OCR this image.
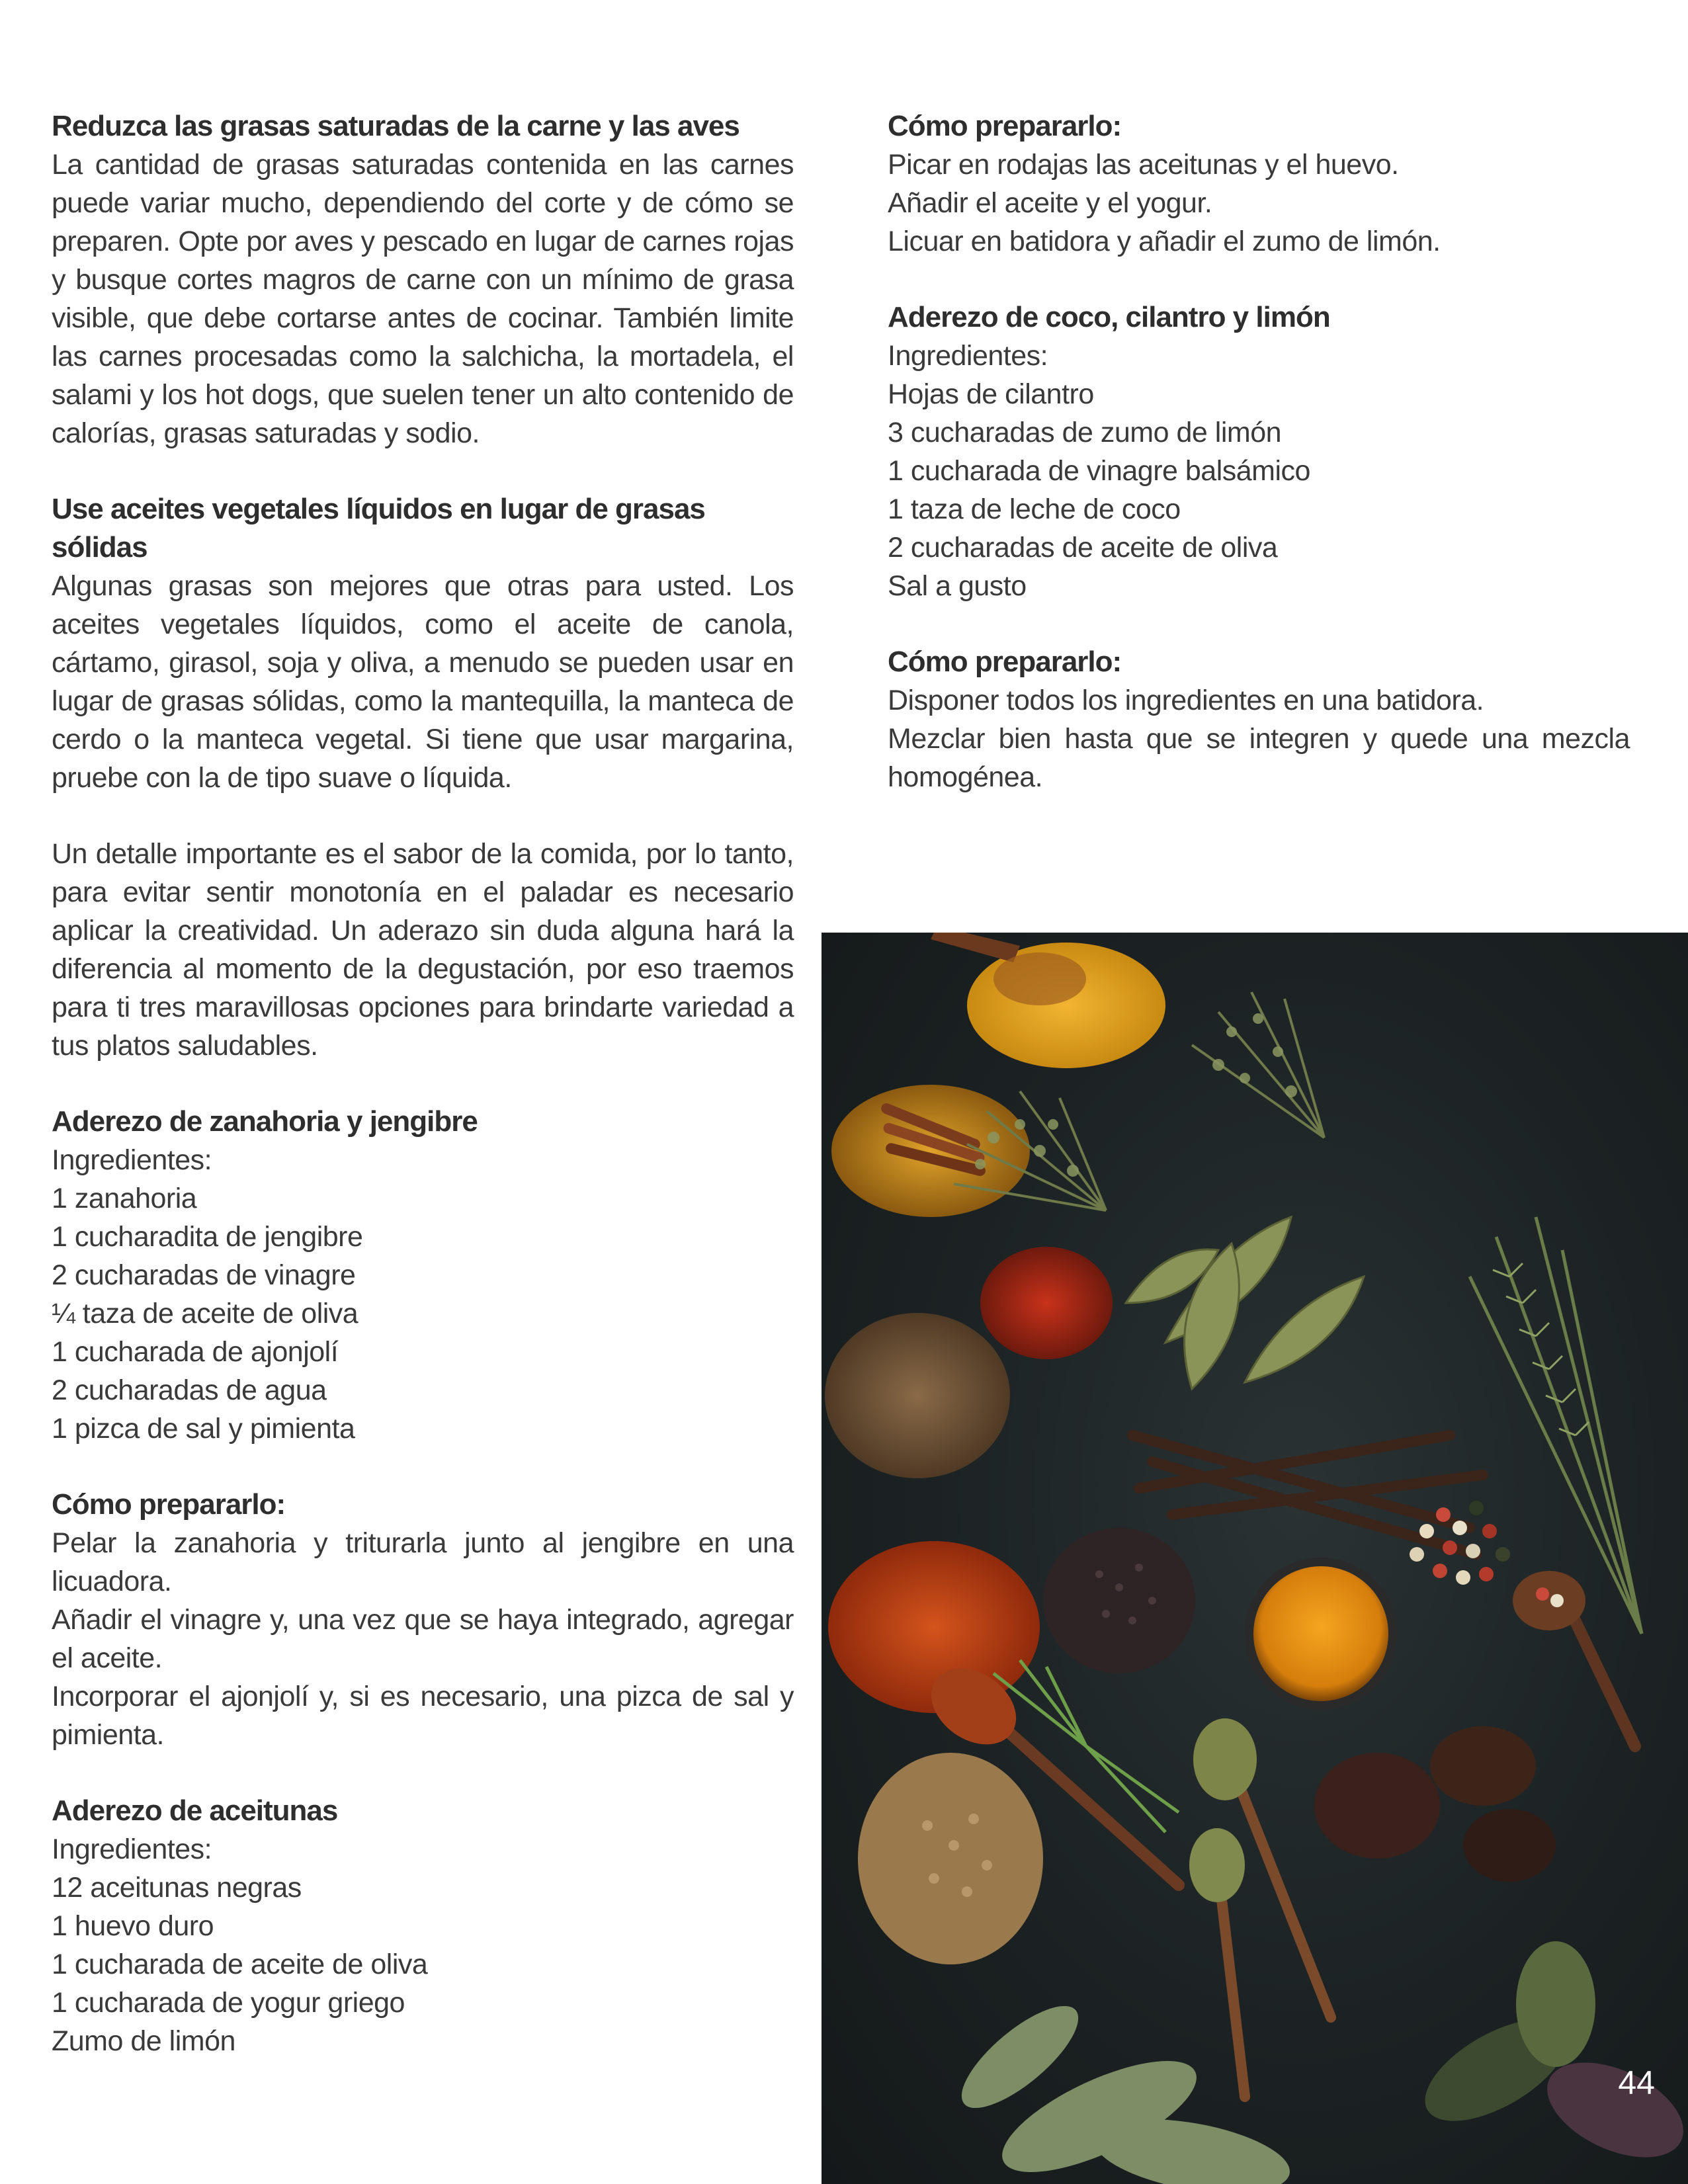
Reduzca las grasas saturadas de la carne y las aves

La cantidad de grasas saturadas contenida en las carnes puede variar mucho, dependiendo del corte y de cómo se preparen. Opte por aves y pescado en lugar de carnes rojas y busque cortes magros de carne con un mínimo de grasa visible, que debe cortarse antes de cocinar. También limite las carnes procesadas como la salchicha, la mortadela, el salami y los hot dogs, que suelen tener un alto contenido de calorías, grasas saturadas y sodio.

Use aceites vegetales líquidos en lugar de grasas sólidas

Algunas grasas son mejores que otras para usted. Los aceites vegetales líquidos, como el aceite de canola, cártamo, girasol, soja y oliva, a menudo se pueden usar en lugar de grasas sólidas, como la mantequilla, la manteca de cerdo o la manteca vegetal. Si tiene que usar margarina, pruebe con la de tipo suave o líquida.

Un detalle importante es el sabor de la comida, por lo tanto, para evitar sentir monotonía en el paladar es necesario aplicar la creatividad. Un aderazo sin duda alguna hará la diferencia al momento de la degustación, por eso traemos para ti tres maravillosas opciones para brindarte variedad a tus platos saludables.

Aderezo de zanahoria y jengibre

Ingredientes:

1 zanahoria

1 cucharadita de jengibre

2 cucharadas de vinagre

¼ taza de aceite de oliva

1 cucharada de ajonjolí

2 cucharadas de agua

1 pizca de sal y pimienta

Cómo prepararlo:

Pelar la zanahoria y triturarla junto al jengibre en una licuadora.

Añadir el vinagre y, una vez que se haya integrado, agregar el aceite.

Incorporar el ajonjolí y, si es necesario, una pizca de sal y pimienta.

Aderezo de aceitunas

Ingredientes:

12 aceitunas negras

1 huevo duro

1 cucharada de aceite de oliva

1 cucharada de yogur griego

Zumo de limón

Cómo prepararlo:

Picar en rodajas las aceitunas y el huevo.

Añadir el aceite y el yogur.

Licuar en batidora y añadir el zumo de limón.

Aderezo de coco, cilantro y limón

Ingredientes:

Hojas de cilantro

3 cucharadas de zumo de limón

1 cucharada de vinagre balsámico

1 taza de leche de coco

2 cucharadas de aceite de oliva

Sal a gusto

Cómo prepararlo:

Disponer todos los ingredientes en una batidora.

Mezclar bien hasta que se integren y quede una mezcla homogénea.

44
